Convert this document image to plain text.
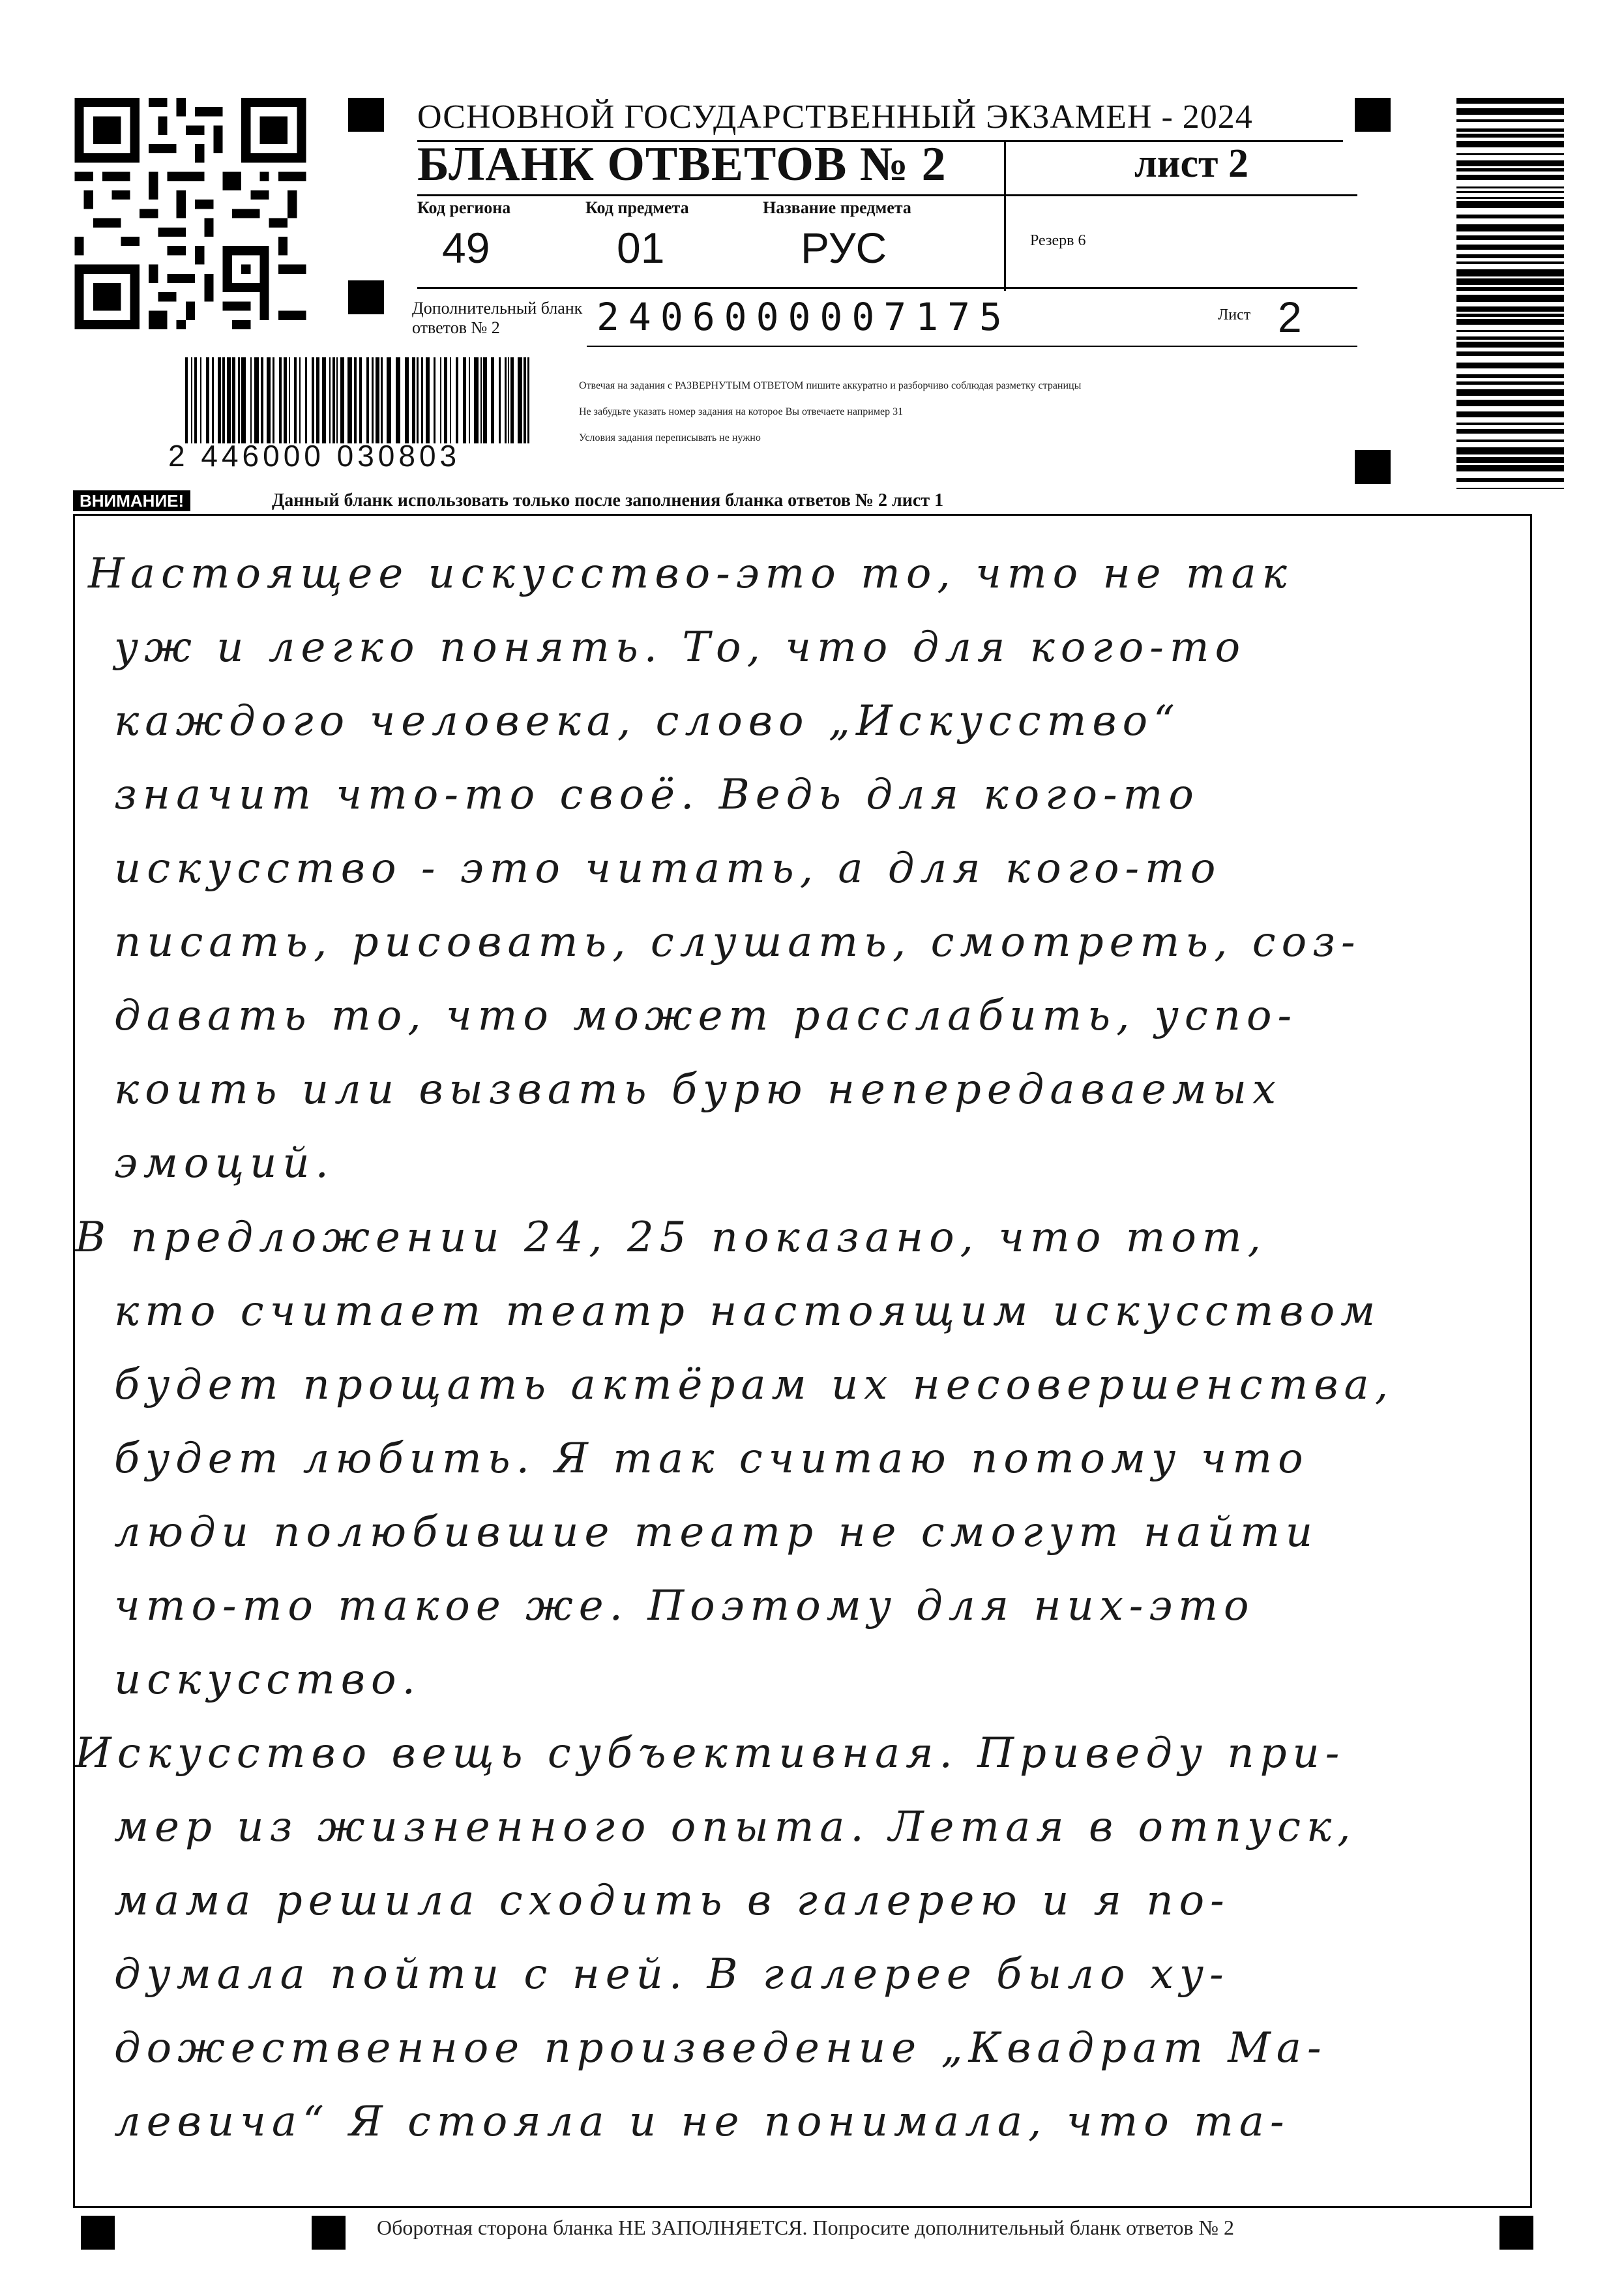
2 446000 030803
ОСНОВНОЙ ГОСУДАРСТВЕННЫЙ ЭКЗАМЕН - 2024
БЛАНК ОТВЕТОВ № 2	лист 2
Код региона
49
Код предмета
01
Название предмета
РУС	Резерв 6
Дополнительный бланк ответов № 2	2406000007175	Лист 2
Отвечая на задания с РАЗВЕРНУТЫМ ОТВЕТОМ пишите аккуратно и разборчиво соблюдая разметку страницы
Не забудьте указать номер задания на которое Вы отвечаете например 31
Условия задания переписывать не нужно
ВНИМАНИЕ!	Данный бланк использовать только после заполнения бланка ответов № 2 лист 1
Настоящее искусство-это то, что не так
уж и легко понять. То, что для кого-то
каждого человека, слово „Искусство“
значит что-то своё. Ведь для кого-то
искусство - это читать, а для кого-то
писать, рисовать, слушать, смотреть, соз-
давать то, что может расслабить, успо-
коить или вызвать бурю непередаваемых
эмоций.
В предложении 24, 25 показано, что тот,
кто считает театр настоящим искусством
будет прощать актёрам их несовершенства,
будет любить. Я так считаю потому что
люди полюбившие театр не смогут найти
что-то такое же. Поэтому для них-это
искусство.
Искусство вещь субъективная. Приведу при-
мер из жизненного опыта. Летая в отпуск,
мама решила сходить в галерею и я по-
думала пойти с ней. В галерее было ху-
дожественное произведение „Квадрат Ма-
левича“ Я стояла и не понимала, что та-
Оборотная сторона бланка НЕ ЗАПОЛНЯЕТСЯ. Попросите дополнительный бланк ответов № 2
